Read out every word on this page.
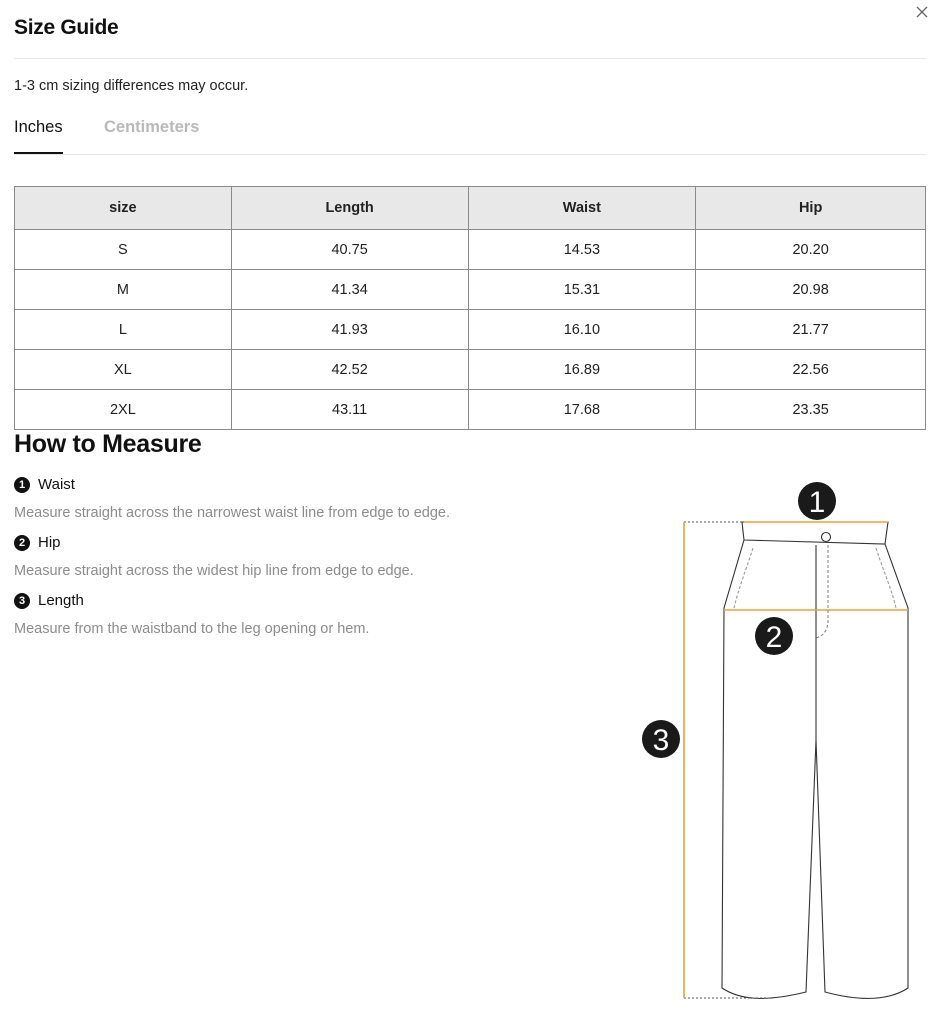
Size Guide
1-3 cm sizing differences may occur.
Inches	Centimeters
size	Length	Waist	Hip
S	40.75	14.53	20.20
M	41.34	15.31	20.98
L	41.93	16.10	21.77
XL	42.52	16.89	22.56
2XL	43.11	17.68	23.35
How to Measure
1 Waist
Measure straight across the narrowest waist line from edge to edge.
2 Hip
Measure straight across the widest hip line from edge to edge.
3 Length
Measure from the waistband to the leg opening or hem.
1
2
3
